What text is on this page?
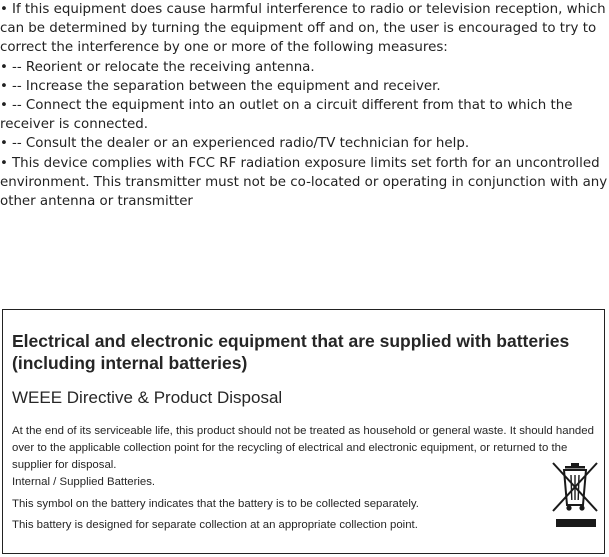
• If this equipment does cause harmful interference to radio or television reception, which can be determined by turning the equipment off and on, the user is encouraged to try to correct the interference by one or more of the following measures:

• -- Reorient or relocate the receiving antenna.

• -- Increase the separation between the equipment and receiver.

• -- Connect the equipment into an outlet on a circuit different from that to which the receiver is connected.

• -- Consult the dealer or an experienced radio/TV technician for help.

• This device complies with FCC RF radiation exposure limits set forth for an uncontrolled environment. This transmitter must not be co-located or operating in conjunction with any other antenna or transmitter

Electrical and electronic equipment that are supplied with batteries (including internal batteries)
WEEE Directive & Product Disposal
At the end of its serviceable life, this product should not be treated as household or general waste. It should handed over to the applicable collection point for the recycling of electrical and electronic equipment, or returned to the supplier for disposal.
Internal / Supplied Batteries.
This symbol on the battery indicates that the battery is to be collected separately.
This battery is designed for separate collection at an appropriate collection point.
